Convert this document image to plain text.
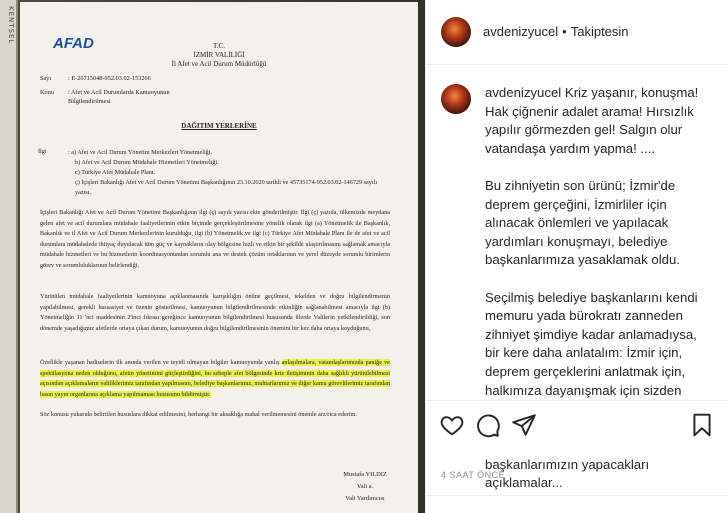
KENTSEL	AFAD	T.C.
İZMİR VALİLİĞİ
İl Afet ve Acil Durum Müdürlüğü
Sayı	: E-20715048-952.03.02-153266
Konu : Afet ve Acil Durumlarda Kamuoyunun
Bilgilendirilmesi
DAĞITIM YERLERİNE
İlgi	: a) Afet ve Acil Durum Yönetim Merkezleri Yönetmeliği.
b) Afet ve Acil Durum Müdahale Hizmetleri Yönetmeliği.
c) Türkiye Afet Müdahale Planı.
ç) İçişleri Bakanlığı Afet ve Acil Durum Yönetimi Başkanlığının 23.10.2020 tarihli ve 45735174-952.03.02-146729 sayılı yazısı.
İçişleri Bakanlığı Afet ve Acil Durum Yönetimi Başkanlığının ilgi (ç) sayılı yazısı ekte gönderilmiştir. İlgi (ç) yazıda, ülkemizde meydana gelen afet ve acil durumlara müdahale faaliyetlerinin etkin biçimde gerçekleştirilmesine yönelik olarak ilgi (a) Yönetmelik ile Başkanlık, Bakanlık ve il Afet ve Acil Durum Merkezlerinin kurulduğu, ilgi (b) Yönetmelik ve ilgi (c) Türkiye Afet Müdahale Planı ile de afet ve acil durumlara müdahalede ihtiyaç duyulacak tüm güç ve kaynakların olay bölgesine hızlı ve etkin bir şekilde ulaştırılmasını sağlamak amacıyla müdahale hizmetleri ve bu hizmetlerin koordinasyonundan sorumlu ana ve destek çözüm ortaklarının ve yerel düzeyde sorumlu birimlerin görev ve sorumluluklarının belirlendiği,
Yürütülen müdahale faaliyetlerinin kamuoyuna açıklanmasında karışıklığın önüne geçilmesi, tekelden ve doğru bilgilendirmenin yapılabilmesi, gerekli hassasiyet ve özenin gösterilmesi, kamuoyunun bilgilendirilmesinde etkinliğin sağlanabilmesi amacıyla ilgi (b) Yönetmeliğin 11 'nci maddesinin 2'inci fıkrası gereğince kamuoyunun bilgilendirilmesi hususunda illerde Valilerin yetkilendirildiği, son dönemde yaşadığımız afetlerde ortaya çıkan durum, kamuoyunun doğru bilgilendirilmesinin önemini bir kez daha ortaya koyduğunu,
Özellikle yaşanan hadiselerin ilk anında verilen ve teyidi olmayan bilgiler kamuoyunda yanlış anlaşılmalara, vatandaşlarımızda paniğe ve spekülasyona neden olduğunu, afetin yönetimini güçleştirdiğini, bu sebeple afet bölgesinde kriz iletişiminin daha sağlıklı yürütülebilmesi açısından açıklamaların valiliklerimiz tarafından yapılmasını, belediye başkanlarımız, muhtarlarımız ve diğer kamu görevlilerimiz tarafından basın yayın organlarına açıklama yapılmaması hususunu bildirmiştir.
Söz konusu yukarıda belirtilen hususlara dikkat edilmesini, herhangi bir aksaklığa mahal verilmemesini önemle arz/rica ederim.
Mustafa YILDIZ
Vali a.
Vali Yardımcısı
avdenizyucel • Takiptesin

avdenizyucel Kriz yaşanır, konuşma! Hak çiğnenir adalet arama! Hırsızlık yapılır görmezden gel! Salgın olur vatandaşa yardım yapma! ....

Bu zihniyetin son ürünü; İzmir'de deprem gerçeğini, İzmirliler için alınacak önlemleri ve yapılacak yardımları konuşmayı, belediye başkanlarımıza yasaklamak oldu.

Seçilmiş belediye başkanlarını kendi memuru yada bürokratı zanneden zihniyet şimdiye kadar anlamadıysa, bir kere daha anlatalım: İzmir için, deprem gerçeklerini anlatmak için, halkımıza dayanışmak için sizden

başkanlarımızın yapacakları açıklamalar...

4 SAAT ÖNCE
